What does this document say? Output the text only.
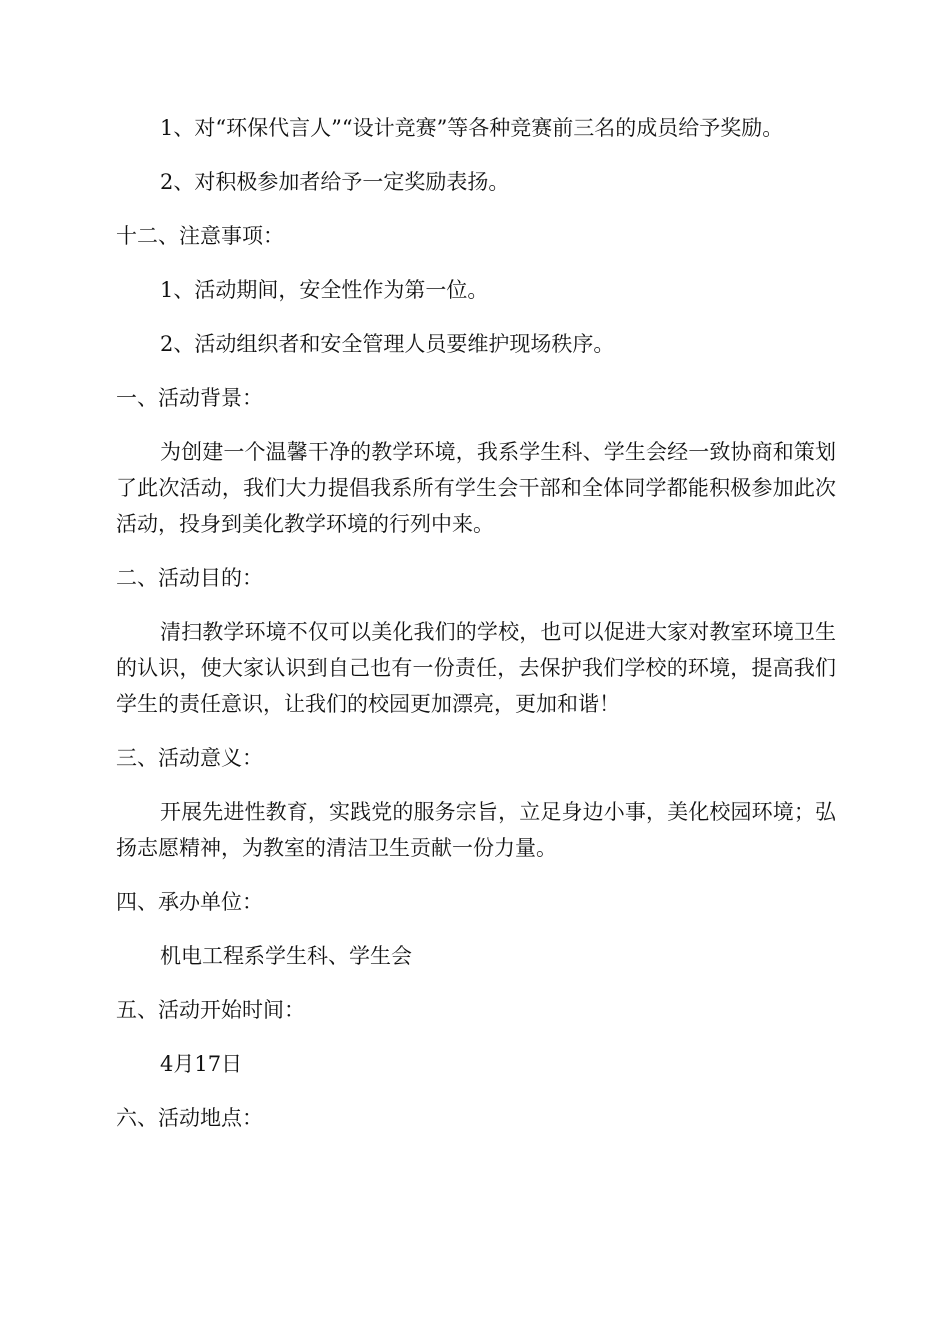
1、对“环保代言人”“设计竞赛”等各种竞赛前三名的成员给予奖励。

2、对积极参加者给予一定奖励表扬。

十二、注意事项：

1、活动期间，安全性作为第一位。

2、活动组织者和安全管理人员要维护现场秩序。

一、活动背景：

为创建一个温馨干净的教学环境，我系学生科、学生会经一致协商和策划了此次活动，我们大力提倡我系所有学生会干部和全体同学都能积极参加此次活动，投身到美化教学环境的行列中来。

二、活动目的：

清扫教学环境不仅可以美化我们的学校，也可以促进大家对教室环境卫生的认识，使大家认识到自己也有一份责任，去保护我们学校的环境，提高我们学生的责任意识，让我们的校园更加漂亮，更加和谐！

三、活动意义：

开展先进性教育，实践党的服务宗旨，立足身边小事，美化校园环境；弘扬志愿精神，为教室的清洁卫生贡献一份力量。

四、承办单位：

机电工程系学生科、学生会

五、活动开始时间：

4月17日

六、活动地点：
